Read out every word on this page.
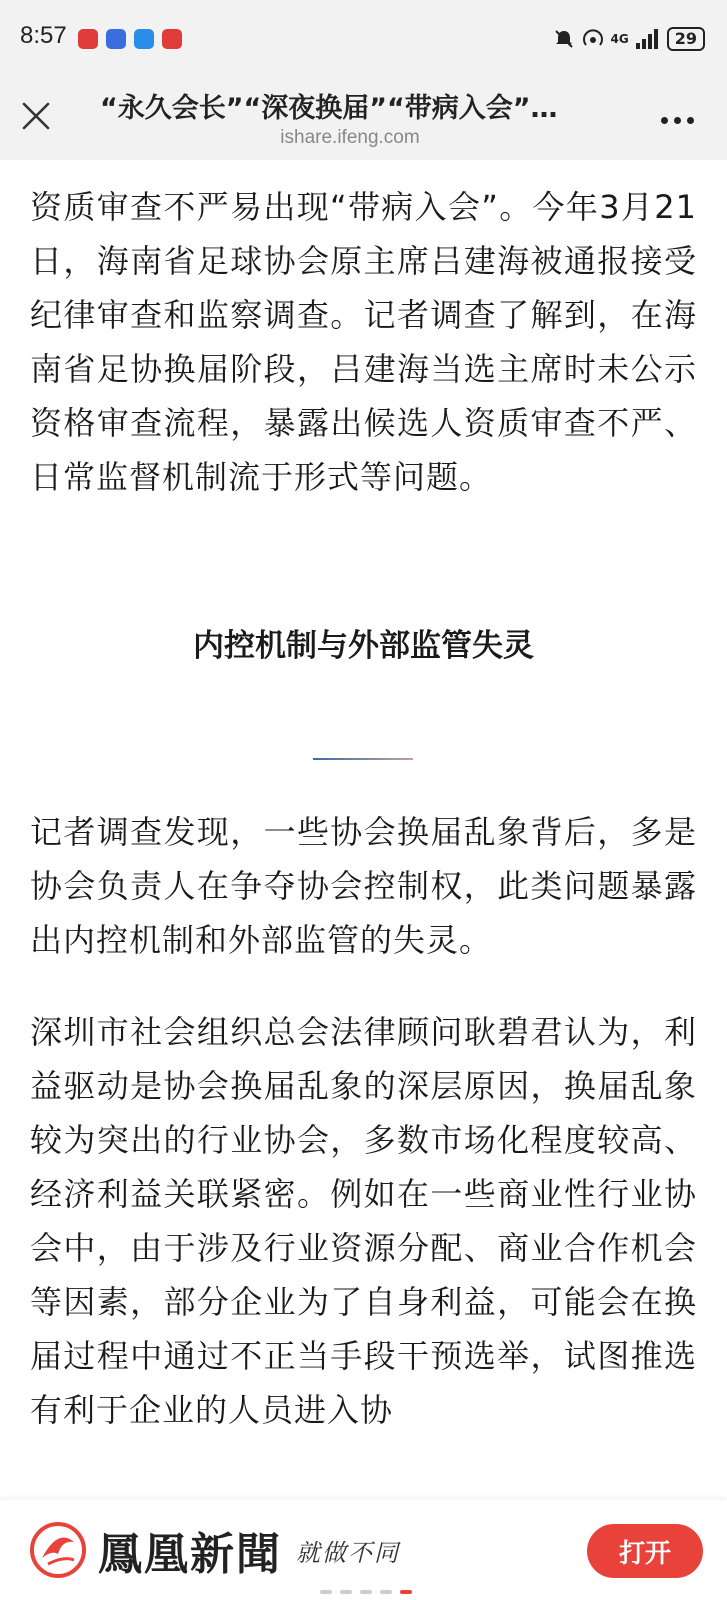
8:57	4G	29
“永久会长”“深夜换届”“带病入会”…
ishare.ifeng.com

资质审查不严易出现“带病入会”。今年3月21日，海南省足球协会原主席吕建海被通报接受纪律审查和监察调查。记者调查了解到，在海南省足协换届阶段，吕建海当选主席时未公示资格审查流程，暴露出候选人资质审查不严、日常监督机制流于形式等问题。

内控机制与外部监管失灵

记者调查发现，一些协会换届乱象背后，多是协会负责人在争夺协会控制权，此类问题暴露出内控机制和外部监管的失灵。

深圳市社会组织总会法律顾问耿碧君认为，利益驱动是协会换届乱象的深层原因，换届乱象较为突出的行业协会，多数市场化程度较高、经济利益关联紧密。例如在一些商业性行业协会中，由于涉及行业资源分配、商业合作机会等因素，部分企业为了自身利益，可能会在换届过程中通过不正当手段干预选举，试图推选有利于企业的人员进入协

鳳凰新聞 就做不同	打开
